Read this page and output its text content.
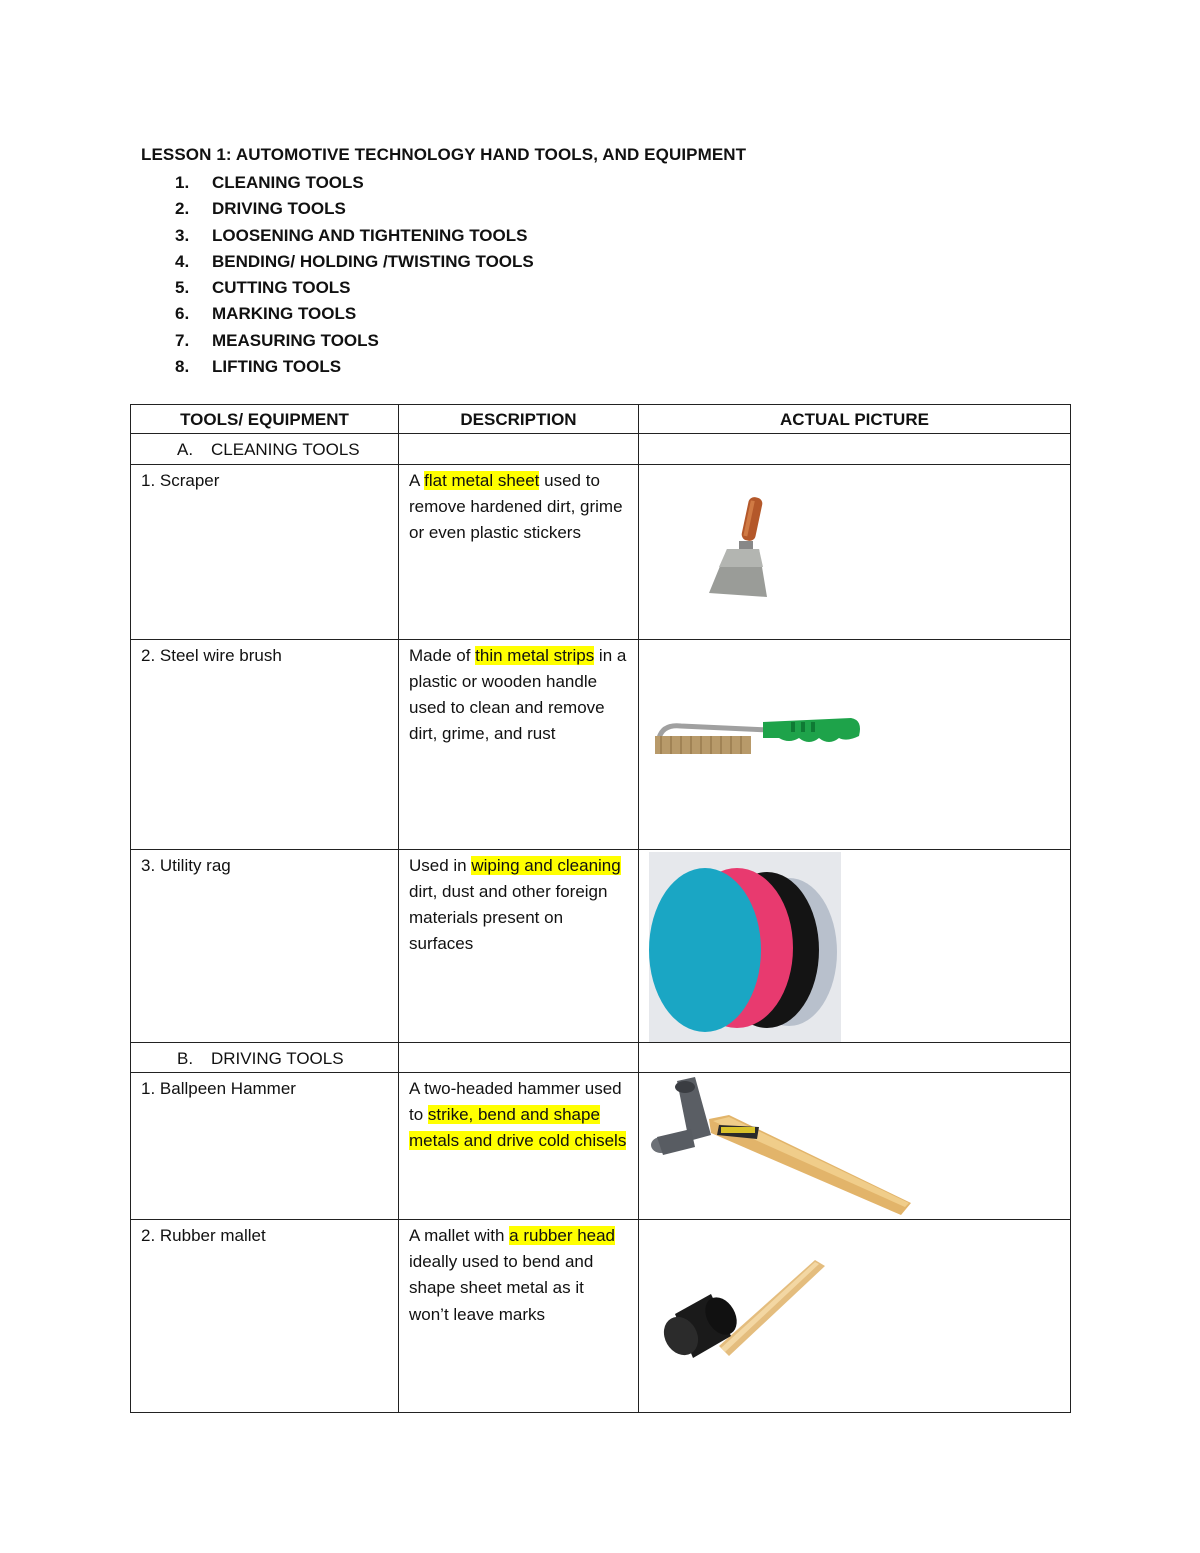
LESSON 1: AUTOMOTIVE TECHNOLOGY HAND TOOLS, AND EQUIPMENT
1.	CLEANING TOOLS
2.	DRIVING TOOLS
3.	LOOSENING AND TIGHTENING TOOLS
4.	BENDING/ HOLDING /TWISTING TOOLS
5.	CUTTING TOOLS
6.	MARKING TOOLS
7.	MEASURING TOOLS
8.	LIFTING TOOLS
TOOLS/ EQUIPMENT	DESCRIPTION	ACTUAL PICTURE

A. CLEANING TOOLS		

1. Scraper	A flat metal sheet used to remove hardened dirt, grime or even plastic stickers	

2. Steel wire brush	Made of thin metal strips in a plastic or wooden handle used to clean and remove dirt, grime, and rust	

3. Utility rag	Used in wiping and cleaning dirt, dust and other foreign materials present on surfaces	

B. DRIVING TOOLS		

1. Ballpeen Hammer	A two-headed hammer used to strike, bend and shape metals and drive cold chisels	

2. Rubber mallet	A mallet with a rubber head ideally used to bend and shape sheet metal as it won’t leave marks	
